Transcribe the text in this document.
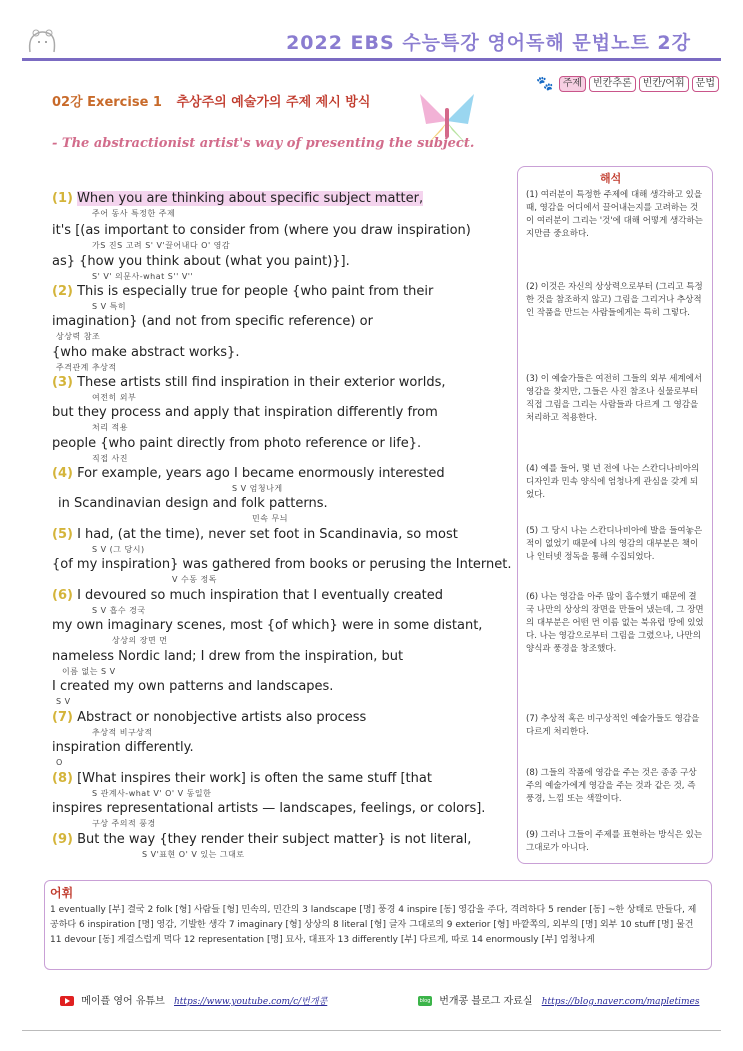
2022 EBS 수능특강 영어독해 문법노트 2강
02강 Exercise 1 추상주의 예술가의 주제 제시 방식
🐾 주제	빈칸추론	빈칸/어휘	문법
- The abstractionist artist's way of presenting the subject.
(1) When you are thinking about specific subject matter,
주어 동사 특정한 주제
it's [(as important to consider from (where you draw inspiration)
가S 진S 고려 S' V'끌어내다 O' 영감
as} {how you think about (what you paint)}].
S' V' 의문사-what S'' V''
(2) This is especially true for people {who paint from their
S V 특히
imagination} (and not from specific reference) or
상상력 참조
{who make abstract works}.
주격관계 추상적
(3) These artists still find inspiration in their exterior worlds,
여전히 외부
but they process and apply that inspiration differently from
처리 적용
people {who paint directly from photo reference or life}.
직접 사진
(4) For example, years ago I became enormously interested
S V 엄청나게
in Scandinavian design and folk patterns.
민속 무늬
(5) I had, (at the time), never set foot in Scandinavia, so most
S V (그 당시)
{of my inspiration} was gathered from books or perusing the Internet.
V 수동 정독
(6) I devoured so much inspiration that I eventually created
S V 흡수 경국
my own imaginary scenes, most {of which} were in some distant,
상상의 장면 먼
nameless Nordic land; I drew from the inspiration, but
이름 없는 S V
I created my own patterns and landscapes.
S V
(7) Abstract or nonobjective artists also process
추상적 비구상적
inspiration differently.
O
(8) [What inspires their work] is often the same stuff [that
S 관계사-what V' O' V 동일한
inspires representational artists — landscapes, feelings, or colors].
구상 주의적 풍경
(9) But the way {they render their subject matter} is not literal,
S V'표현 O' V 있는 그대로
해석
(1) 여러분이 특정한 주제에 대해 생각하고 있을 때, 영감을 어디에서 끌어내는지를 고려하는 것이 여러분이 그리는 '것'에 대해 어떻게 생각하는지만큼 중요하다.
(2) 이것은 자신의 상상력으로부터 (그리고 특정한 것을 참조하지 않고) 그림을 그리거나 추상적인 작품을 만드는 사람들에게는 특히 그렇다.
(3) 이 예술가들은 여전히 그들의 외부 세계에서 영감을 찾지만, 그들은 사진 참조나 실물로부터 직접 그림을 그리는 사람들과 다르게 그 영감을 처리하고 적용한다.
(4) 예를 들어, 몇 년 전에 나는 스칸디나비아의 디자인과 민속 양식에 엄청나게 관심을 갖게 되었다.
(5) 그 당시 나는 스칸디나비아에 발을 들여놓은 적이 없었기 때문에 나의 영감의 대부분은 책이나 인터넷 정독을 통해 수집되었다.
(6) 나는 영감을 아주 많이 흡수했기 때문에 결국 나만의 상상의 장면을 만들어 냈는데, 그 장면의 대부분은 어떤 먼 이름 없는 북유럽 땅에 있었다. 나는 영감으로부터 그림을 그렸으나, 나만의 양식과 풍경을 창조했다.
(7) 추상적 혹은 비구상적인 예술가들도 영감을 다르게 처리한다.
(8) 그들의 작품에 영감을 주는 것은 종종 구상주의 예술가에게 영감을 주는 것과 같은 것, 즉 풍경, 느낌 또는 색깔이다.
(9) 그러나 그들이 주제를 표현하는 방식은 있는 그대로가 아니다.
어휘
1 eventually [부] 결국 2 folk [형] 사람들 [형] 민속의, 민간의 3 landscape [명] 풍경 4 inspire [동] 영감을 주다, 격려하다 5 render [동] ~한 상태로 만들다, 제공하다 6 inspiration [명] 영감, 기발한 생각 7 imaginary [형] 상상의 8 literal [형] 글자 그대로의 9 exterior [형] 바깥쪽의, 외부의 [명] 외부 10 stuff [명] 물건 11 devour [동] 게걸스럽게 먹다 12 representation [명] 묘사, 대표자 13 differently [부] 다르게, 따로 14 enormously [부] 엄청나게
메이플 영어 유튜브 https://www.youtube.com/c/번개콩	blog 번개콩 블로그 자료실 https://blog.naver.com/mapletimes
